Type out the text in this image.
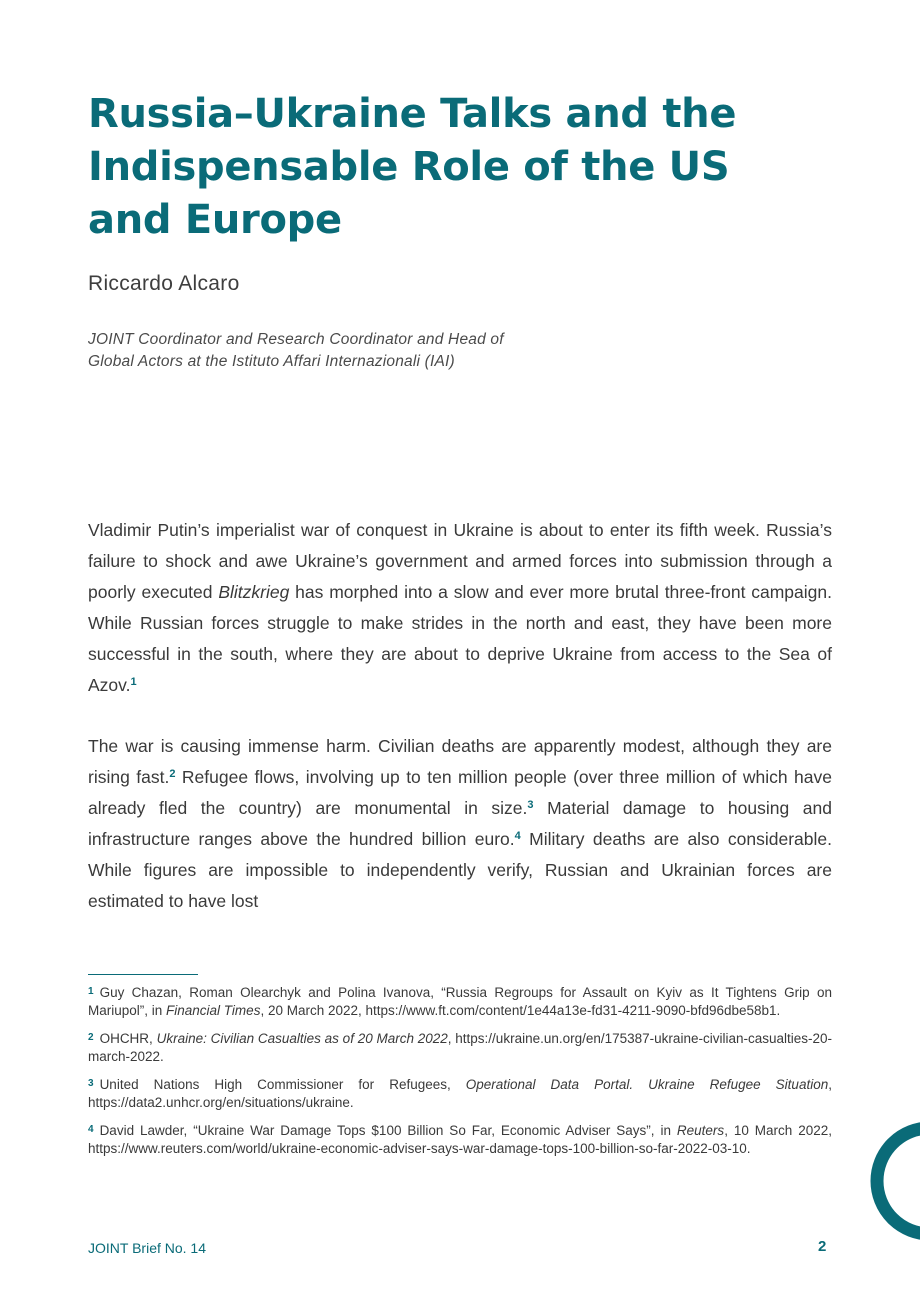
Russia–Ukraine Talks and the Indispensable Role of the US and Europe

Riccardo Alcaro

JOINT Coordinator and Research Coordinator and Head of Global Actors at the Istituto Affari Internazionali (IAI)

Vladimir Putin’s imperialist war of conquest in Ukraine is about to enter its fifth week. Russia’s failure to shock and awe Ukraine’s government and armed forces into submission through a poorly executed Blitzkrieg has morphed into a slow and ever more brutal three-front campaign. While Russian forces struggle to make strides in the north and east, they have been more successful in the south, where they are about to deprive Ukraine from access to the Sea of Azov.$^1$

The war is causing immense harm. Civilian deaths are apparently modest, although they are rising fast.$^2$ Refugee flows, involving up to ten million people (over three million of which have already fled the country) are monumental in size.$^3$ Material damage to housing and infrastructure ranges above the hundred billion euro.$^4$ Military deaths are also considerable. While figures are impossible to independently verify, Russian and Ukrainian forces are estimated to have lost

$^1$ Guy Chazan, Roman Olearchyk and Polina Ivanova, “Russia Regroups for Assault on Kyiv as It Tightens Grip on Mariupol”, in Financial Times, 20 March 2022, https://www.ft.com/content/1e44a13e-fd31-4211-9090-bfd96dbe58b1.

$^2$ OHCHR, Ukraine: Civilian Casualties as of 20 March 2022, https://ukraine.un.org/en/175387-ukraine-civilian-casualties-20-march-2022.

$^3$ United Nations High Commissioner for Refugees, Operational Data Portal. Ukraine Refugee Situation, https://data2.unhcr.org/en/situations/ukraine.

$^4$ David Lawder, “Ukraine War Damage Tops $100 Billion So Far, Economic Adviser Says”, in Reuters, 10 March 2022, https://www.reuters.com/world/ukraine-economic-adviser-says-war-damage-tops-100-billion-so-far-2022-03-10.

JOINT Brief No. 14	2
